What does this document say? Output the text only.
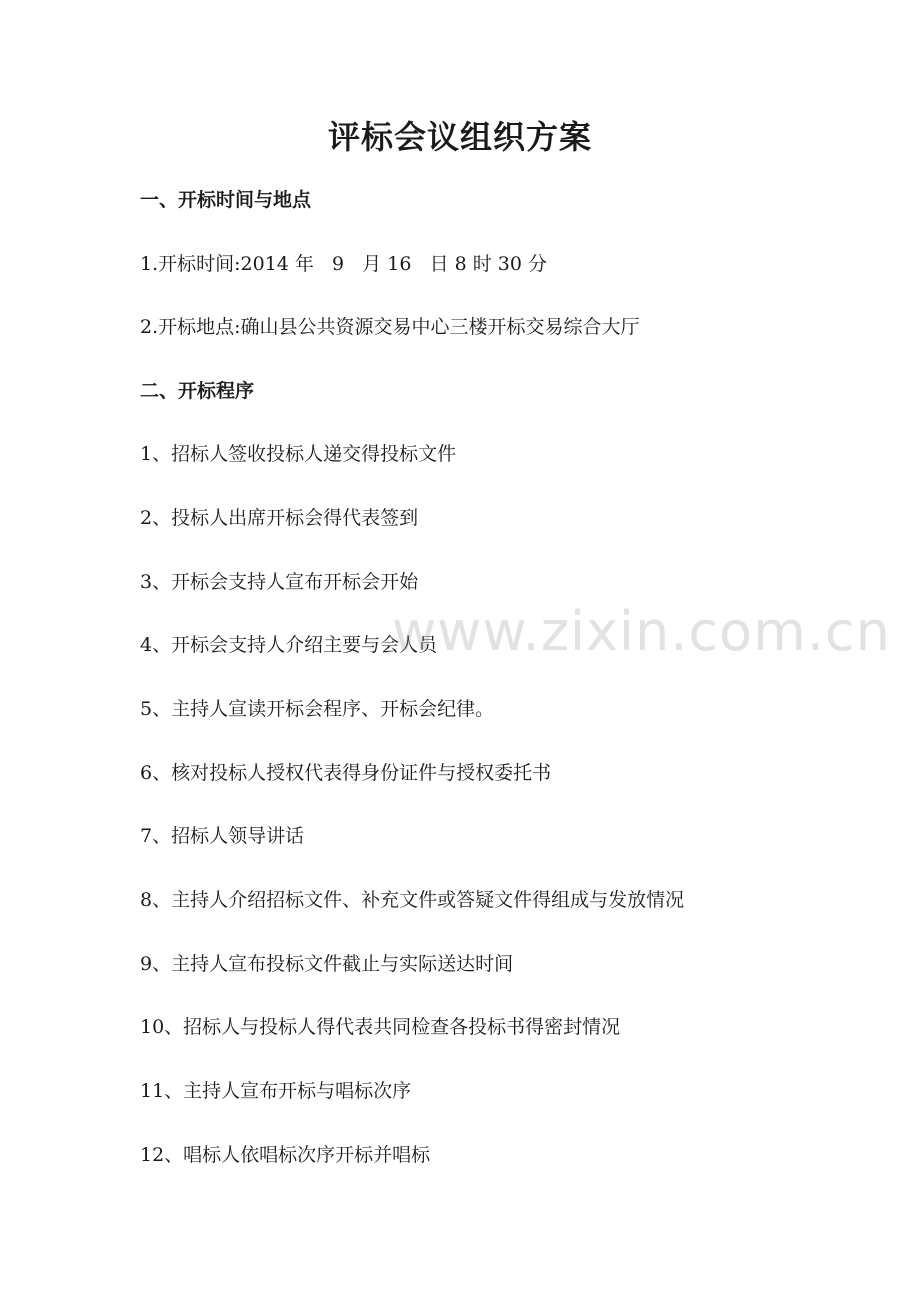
评标会议组织方案

一、开标时间与地点

1.开标时间:2014 年   9   月 16   日 8 时 30 分

2.开标地点:确山县公共资源交易中心三楼开标交易综合大厅

二、开标程序

1、招标人签收投标人递交得投标文件

2、投标人出席开标会得代表签到

3、开标会支持人宣布开标会开始

4、开标会支持人介绍主要与会人员

5、主持人宣读开标会程序、开标会纪律。

6、核对投标人授权代表得身份证件与授权委托书

7、招标人领导讲话

8、主持人介绍招标文件、补充文件或答疑文件得组成与发放情况

9、主持人宣布投标文件截止与实际送达时间

10、招标人与投标人得代表共同检查各投标书得密封情况

11、主持人宣布开标与唱标次序

12、唱标人依唱标次序开标并唱标

www.zixin.com.cn
